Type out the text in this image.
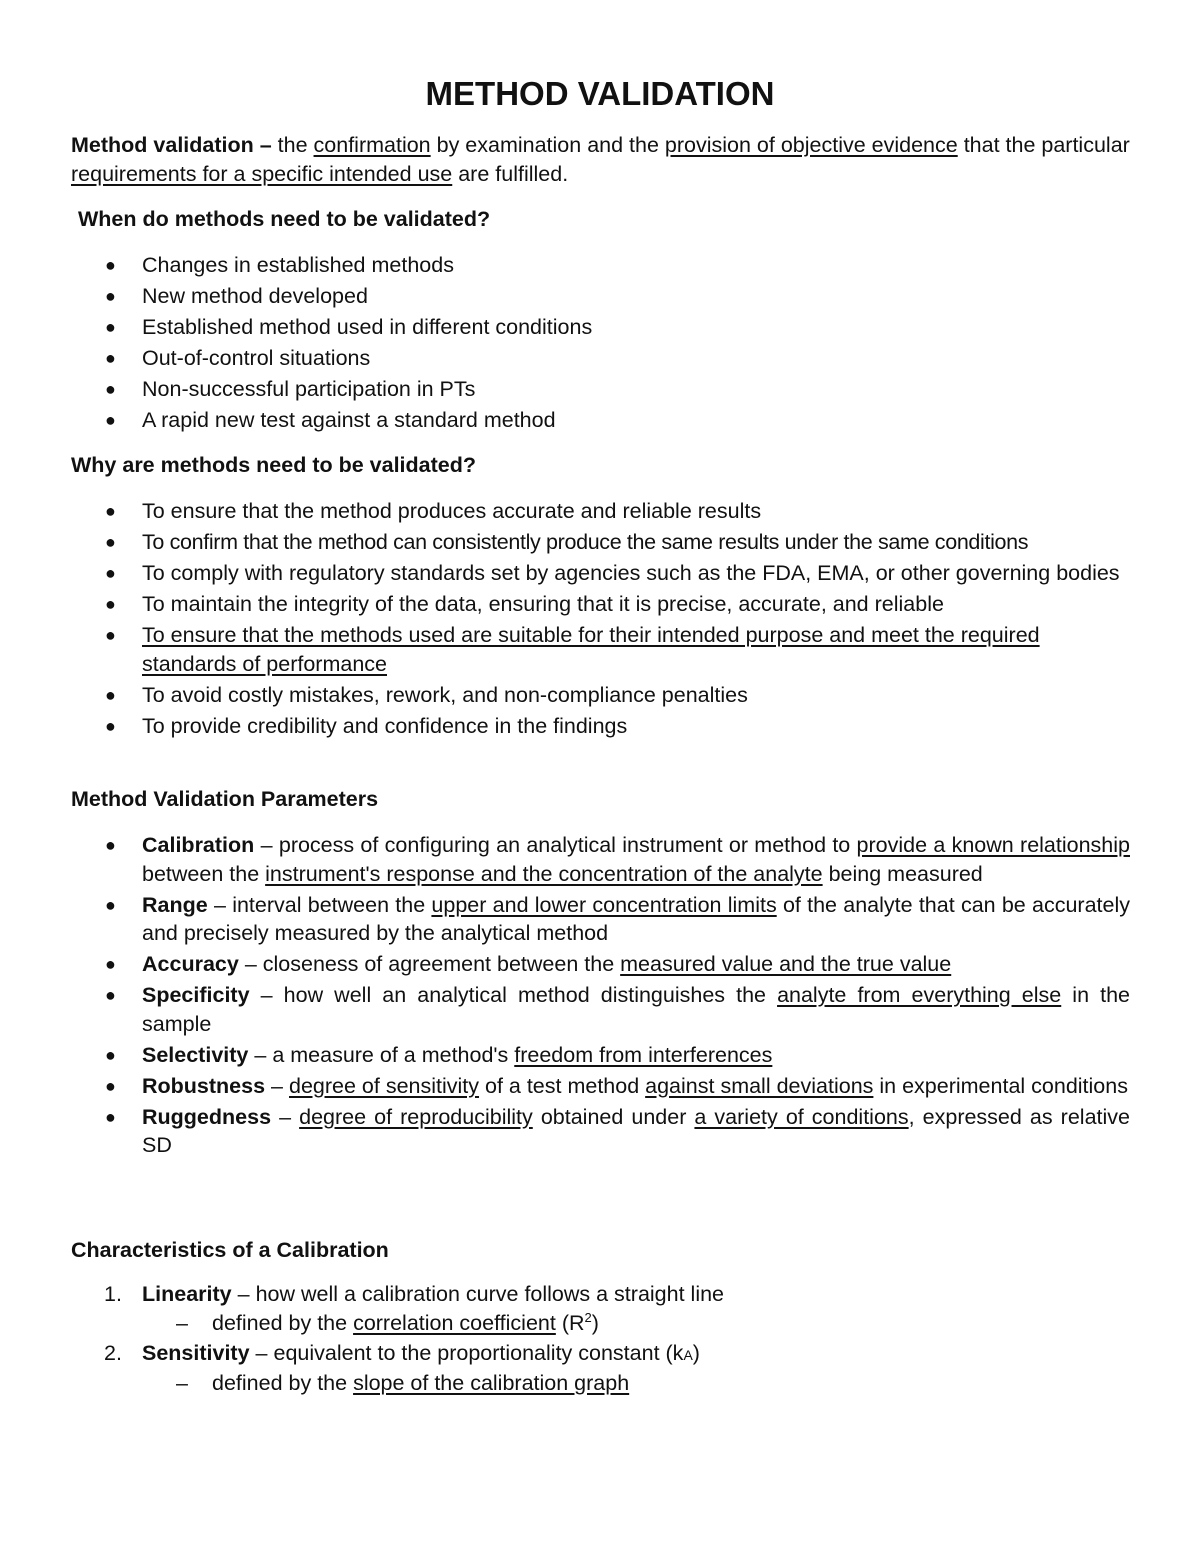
METHOD VALIDATION

Method validation – the confirmation by examination and the provision of objective evidence that the particular requirements for a specific intended use are fulfilled.

When do methods need to be validated?
● Changes in established methods
● New method developed
● Established method used in different conditions
● Out-of-control situations
● Non-successful participation in PTs
● A rapid new test against a standard method
Why are methods need to be validated?
● To ensure that the method produces accurate and reliable results
● To confirm that the method can consistently produce the same results under the same conditions
● To comply with regulatory standards set by agencies such as the FDA, EMA, or other governing bodies
● To maintain the integrity of the data, ensuring that it is precise, accurate, and reliable
● To ensure that the methods used are suitable for their intended purpose and meet the required standards of performance
● To avoid costly mistakes, rework, and non-compliance penalties
● To provide credibility and confidence in the findings
Method Validation Parameters
● Calibration – process of configuring an analytical instrument or method to provide a known relationship between the instrument's response and the concentration of the analyte being measured
● Range – interval between the upper and lower concentration limits of the analyte that can be accurately and precisely measured by the analytical method
● Accuracy – closeness of agreement between the measured value and the true value
● Specificity – how well an analytical method distinguishes the analyte from everything else in the sample
● Selectivity – a measure of a method's freedom from interferences
● Robustness – degree of sensitivity of a test method against small deviations in experimental conditions
● Ruggedness – degree of reproducibility obtained under a variety of conditions, expressed as relative SD
Characteristics of a Calibration
1. Linearity – how well a calibration curve follows a straight line
– defined by the correlation coefficient $(R^2)$
2. Sensitivity – equivalent to the proportionality constant (kA)
– defined by the slope of the calibration graph
